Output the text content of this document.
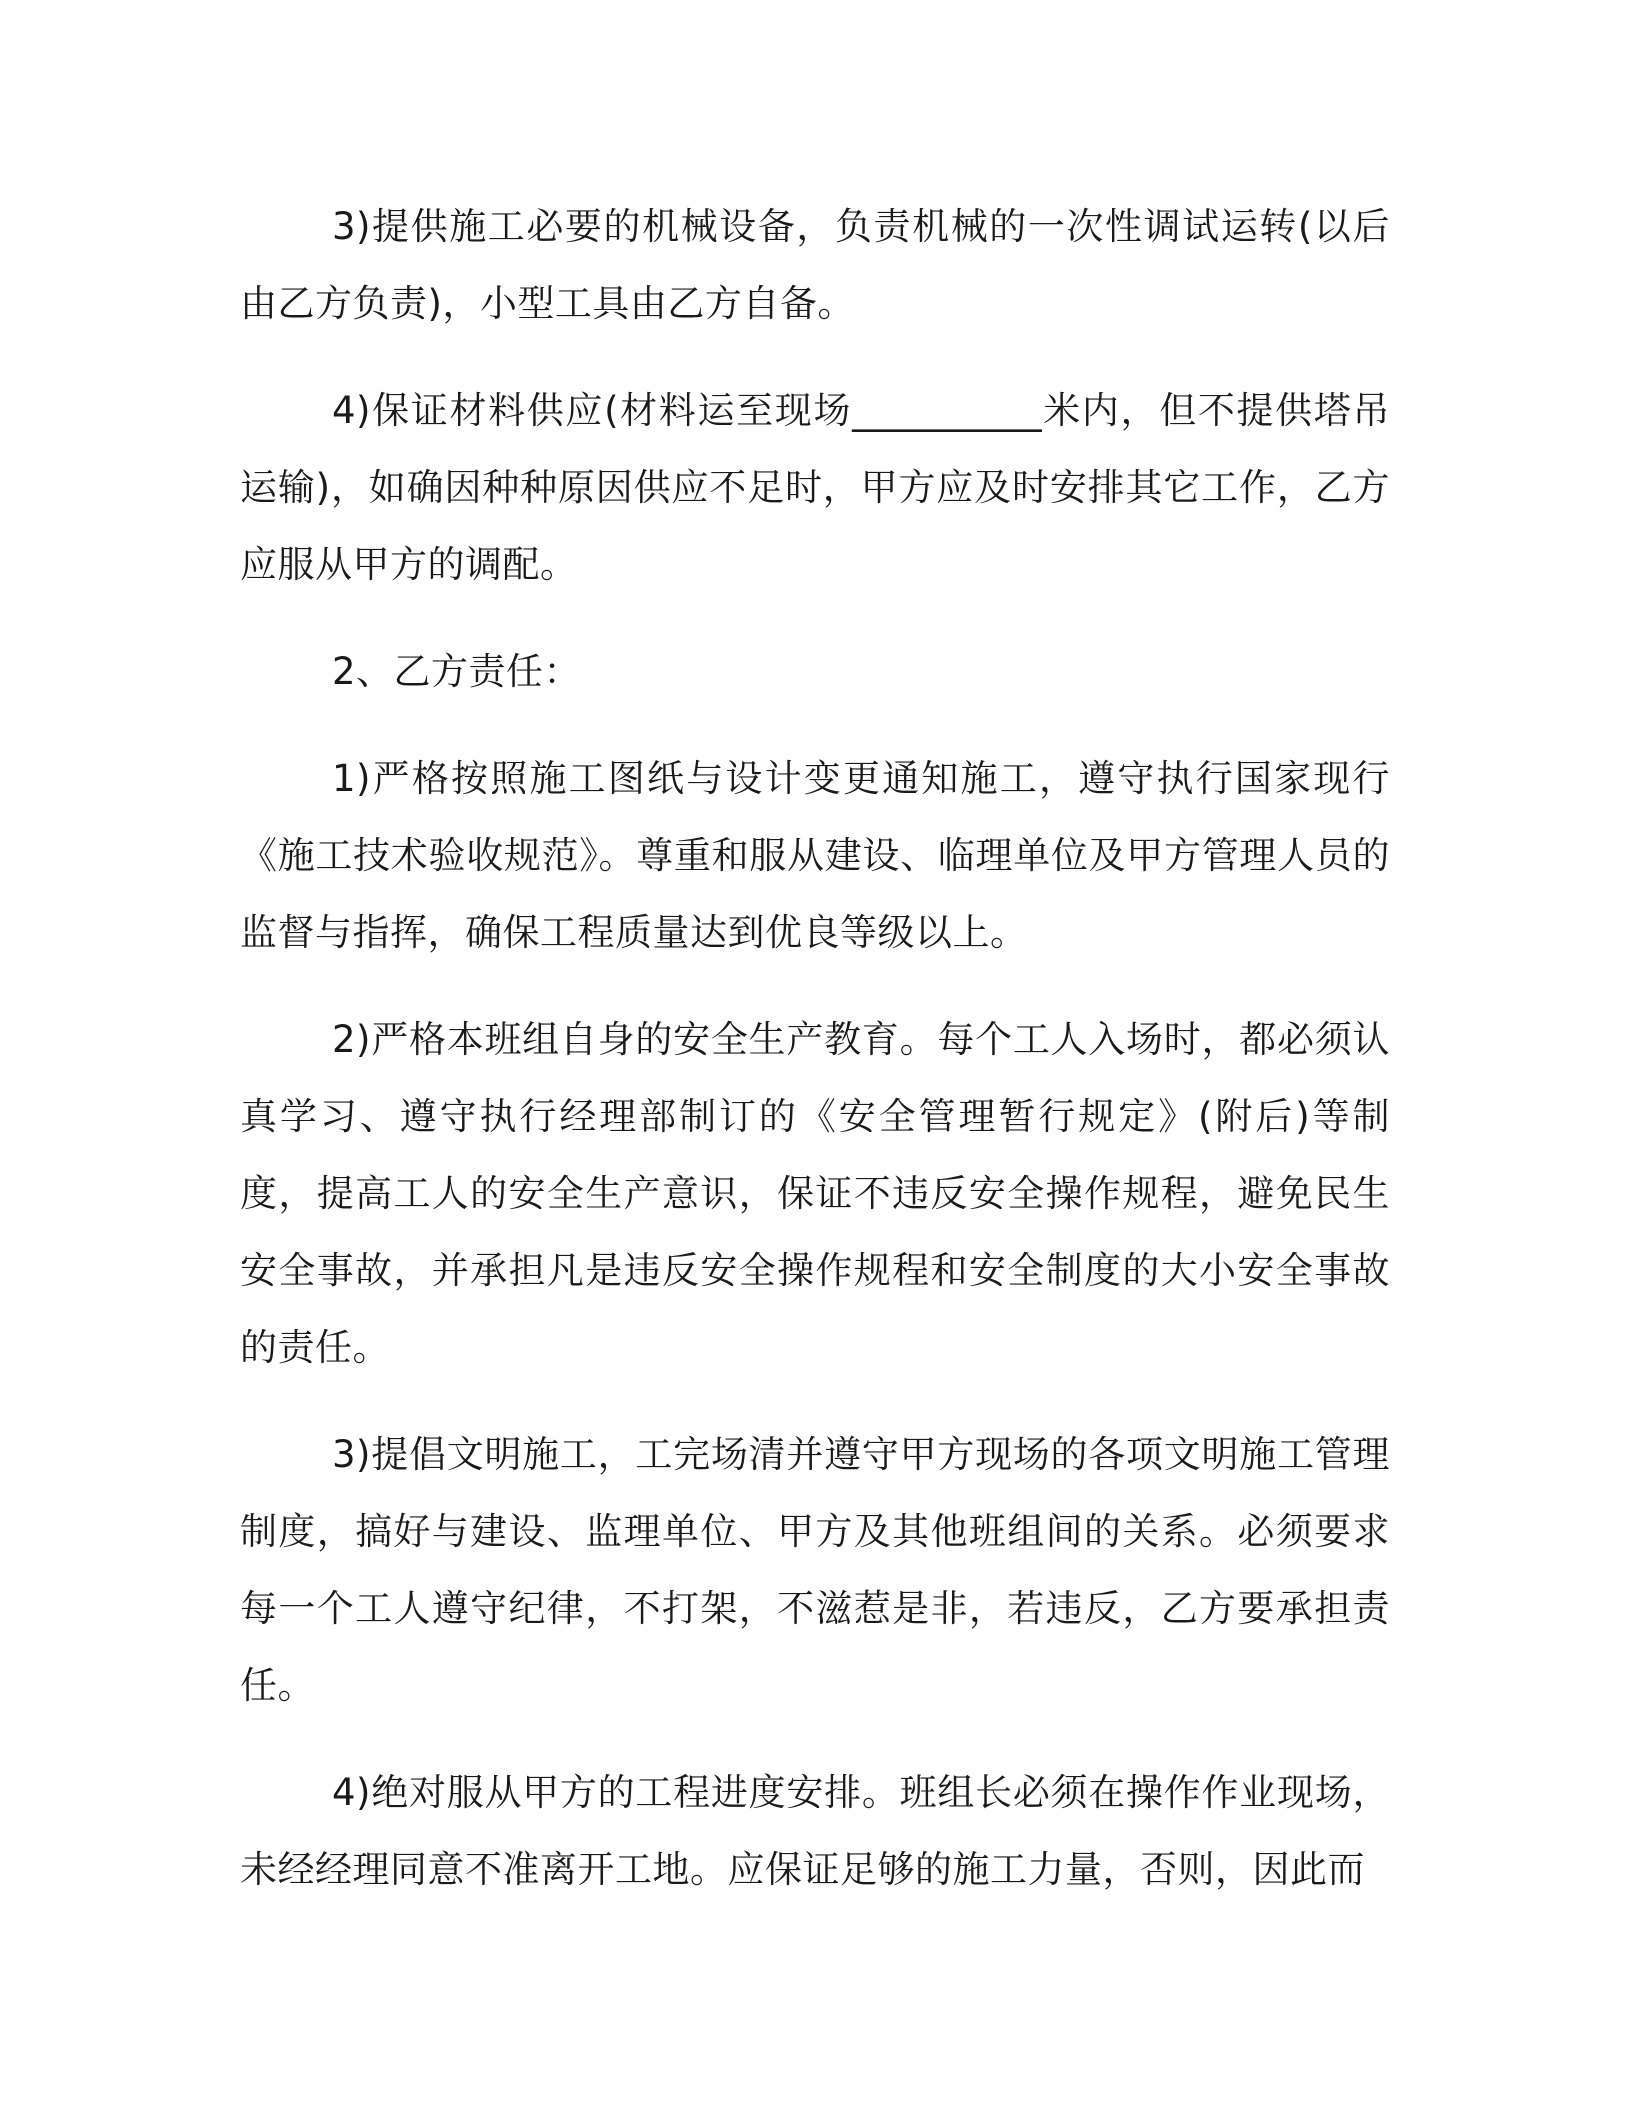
3)提供施工必要的机械设备，负责机械的一次性调试运转(以后由乙方负责)，小型工具由乙方自备。

4)保证材料供应(材料运至现场__________米内，但不提供塔吊运输)，如确因种种原因供应不足时，甲方应及时安排其它工作，乙方应服从甲方的调配。

2、乙方责任：

1)严格按照施工图纸与设计变更通知施工，遵守执行国家现行《施工技术验收规范》。尊重和服从建设、临理单位及甲方管理人员的监督与指挥，确保工程质量达到优良等级以上。

2)严格本班组自身的安全生产教育。每个工人入场时，都必须认真学习、遵守执行经理部制订的《安全管理暂行规定》(附后)等制度，提高工人的安全生产意识，保证不违反安全操作规程，避免民生安全事故，并承担凡是违反安全操作规程和安全制度的大小安全事故的责任。

3)提倡文明施工，工完场清并遵守甲方现场的各项文明施工管理制度，搞好与建设、监理单位、甲方及其他班组间的关系。必须要求每一个工人遵守纪律，不打架，不滋惹是非，若违反，乙方要承担责任。

4)绝对服从甲方的工程进度安排。班组长必须在操作作业现场，未经经理同意不准离开工地。应保证足够的施工力量，否则，因此而
